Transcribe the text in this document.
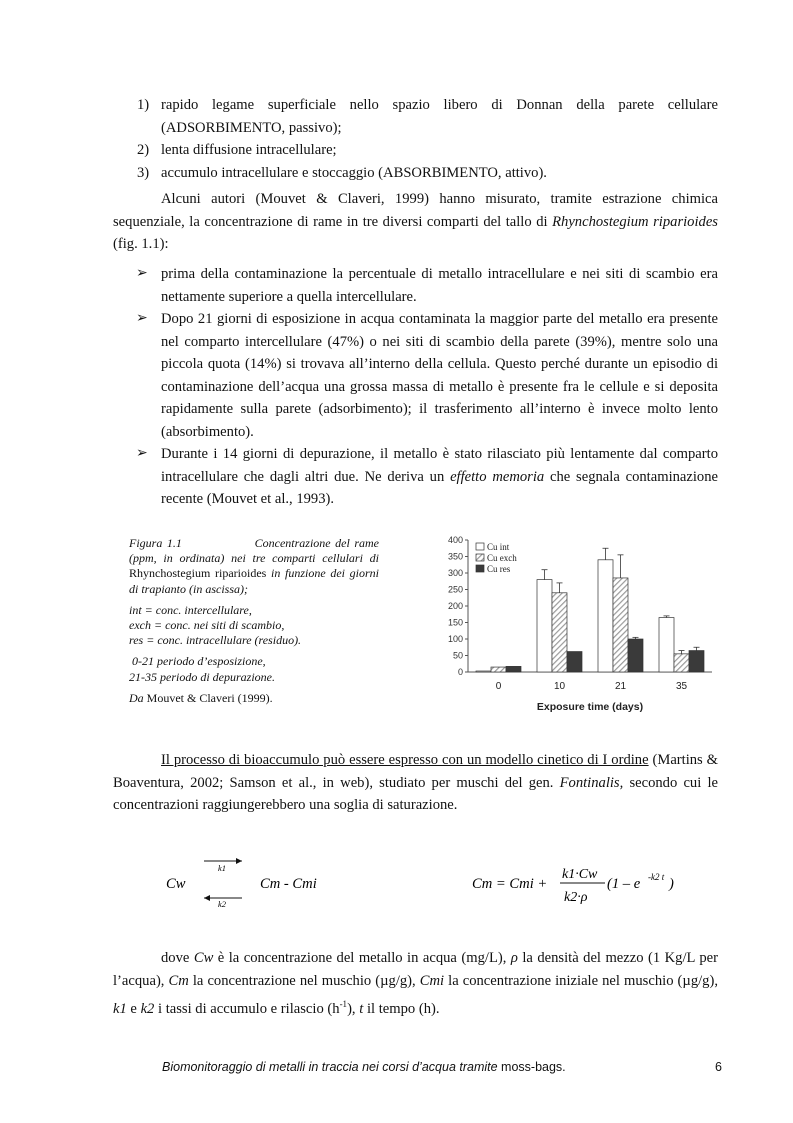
1) rapido legame superficiale nello spazio libero di Donnan della parete cellulare (ADSORBIMENTO, passivo);
2) lenta diffusione intracellulare;
3) accumulo intracellulare e stoccaggio (ABSORBIMENTO, attivo).
Alcuni autori (Mouvet & Claveri, 1999) hanno misurato, tramite estrazione chimica sequenziale, la concentrazione di rame in tre diversi comparti del tallo di Rhynchostegium riparioides (fig. 1.1):
➢ prima della contaminazione la percentuale di metallo intracellulare e nei siti di scambio era nettamente superiore a quella intercellulare.
➢ Dopo 21 giorni di esposizione in acqua contaminata la maggior parte del metallo era presente nel comparto intercellulare (47%) o nei siti di scambio della parete (39%), mentre solo una piccola quota (14%) si trovava all’interno della cellula. Questo perché durante un episodio di contaminazione dell’acqua una grossa massa di metallo è presente fra le cellule e si deposita rapidamente sulla parete (adsorbimento); il trasferimento all’interno è invece molto lento (absorbimento).
➢ Durante i 14 giorni di depurazione, il metallo è stato rilasciato più lentamente dal comparto intracellulare che dagli altri due. Ne deriva un effetto memoria che segnala contaminazione recente (Mouvet et al., 1993).

Figura 1.1	Concentrazione del rame (ppm, in ordinata) nei tre comparti cellulari di Rhynchostegium riparioides in funzione dei giorni di trapianto (in ascissa);

int = conc. intercellulare,

exch = conc. nei siti di scambio,

res = conc. intracellulare (residuo).

0-21 periodo d’esposizione,

21-35 periodo di depurazione.

Da Mouvet & Claveri (1999).

0
50
100
150
200
250
300
350
400
0	10	21	35
Exposure time (days)
Cu int
Cu exch
Cu res
Il processo di bioaccumulo può essere espresso con un modello cinetico di I ordine (Martins & Boaventura, 2002; Samson et al., in web), studiato per muschi del gen. Fontinalis, secondo cui le concentrazioni raggiungerebbero una soglia di saturazione.
Cw
k1
k2
Cm - Cmi	Cm = Cmi +
k1·Cw
k2·ρ
(1 – e -k2 t )
dove Cw è la concentrazione del metallo in acqua (mg/L), ρ la densità del mezzo (1 Kg/L per l’acqua), Cm la concentrazione nel muschio (µg/g), Cmi la concentrazione iniziale nel muschio (µg/g), k1 e k2 i tassi di accumulo e rilascio $(h^{-1})$, t il tempo (h).
Biomonitoraggio di metalli in traccia nei corsi d’acqua tramite moss-bags.	6
